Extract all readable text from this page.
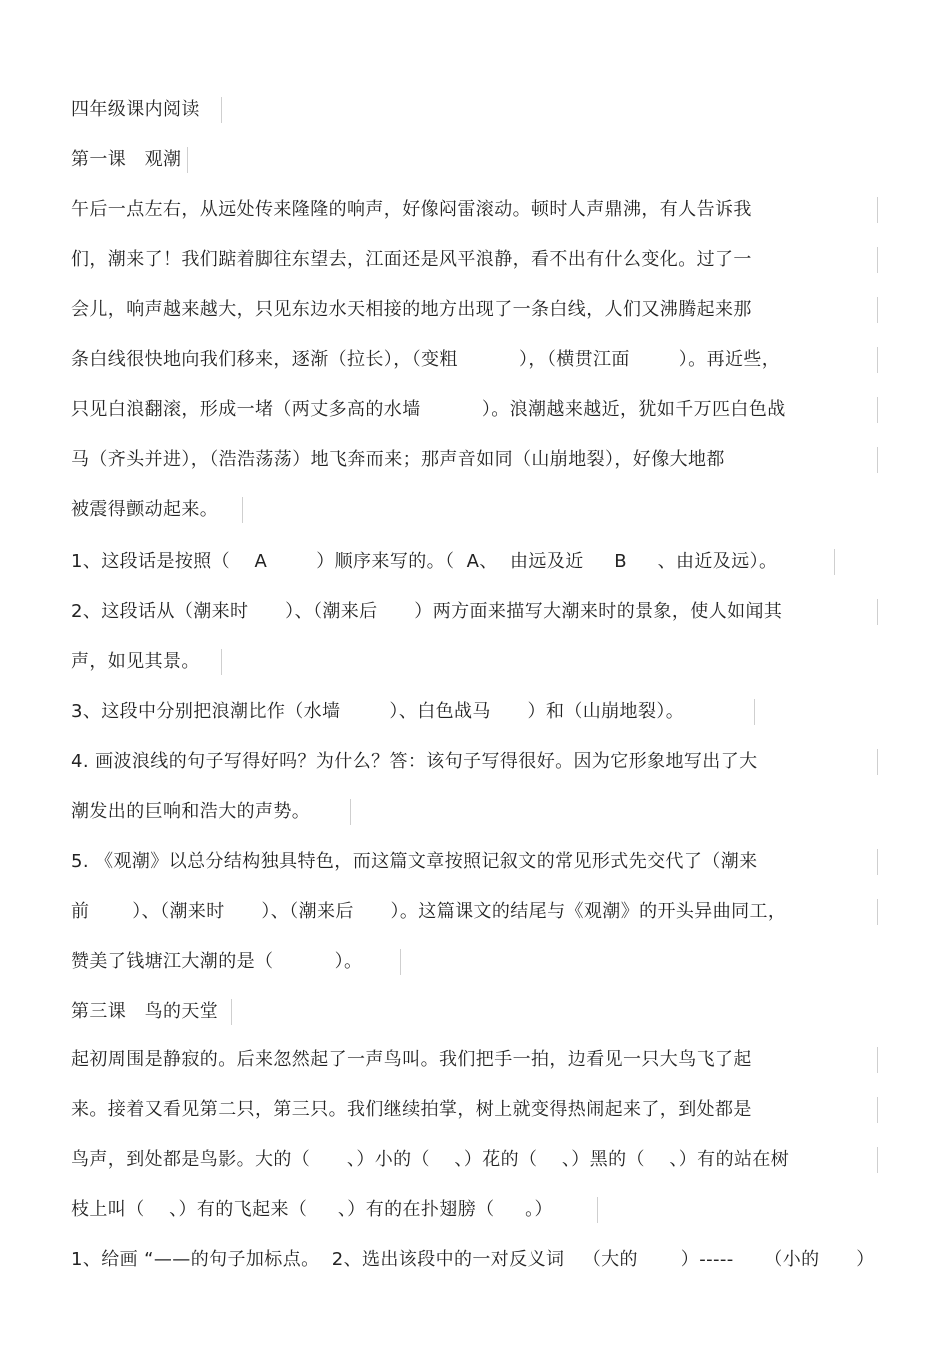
四年级课内阅读
第一课   观潮
午后一点左右，从远处传来隆隆的响声，好像闷雷滚动。顿时人声鼎沸，有人告诉我
们，潮来了！我们踮着脚往东望去，江面还是风平浪静，看不出有什么变化。过了一
会儿，响声越来越大，只见东边水天相接的地方出现了一条白线，人们又沸腾起来那
条白线很快地向我们移来，逐渐（拉长），（变粗          ），（横贯江面        ）。再近些，
只见白浪翻滚，形成一堵（两丈多高的水墙          ）。浪潮越来越近，犹如千万匹白色战
马（齐头并进），（浩浩荡荡）地飞奔而来；那声音如同（山崩地裂），好像大地都
被震得颤动起来。
1、这段话是按照（    A        ）顺序来写的。（  A、  由远及近     B     、由近及远）。
2、这段话从（潮来时      ）、（潮来后      ）两方面来描写大潮来时的景象，使人如闻其
声，如见其景。
3、这段中分别把浪潮比作（水墙        ）、白色战马      ）和（山崩地裂）。
4. 画波浪线的句子写得好吗？为什么？答：该句子写得很好。因为它形象地写出了大
潮发出的巨响和浩大的声势。
5. 《观潮》以总分结构独具特色，而这篇文章按照记叙文的常见形式先交代了（潮来
前       ）、（潮来时      ）、（潮来后      ）。这篇课文的结尾与《观潮》的开头异曲同工，
赞美了钱塘江大潮的是（          ）。
第三课   鸟的天堂
起初周围是静寂的。后来忽然起了一声鸟叫。我们把手一拍，边看见一只大鸟飞了起
来。接着又看见第二只，第三只。我们继续拍掌，树上就变得热闹起来了，到处都是
鸟声，到处都是鸟影。大的（      、）小的（    、）花的（    、）黑的（    、）有的站在树
枝上叫（    、）有的飞起来（     、）有的在扑翅膀（     。）
1、给画 “——的句子加标点。  2、选出该段中的一对反义词   （大的       ）-----     （小的      ）
